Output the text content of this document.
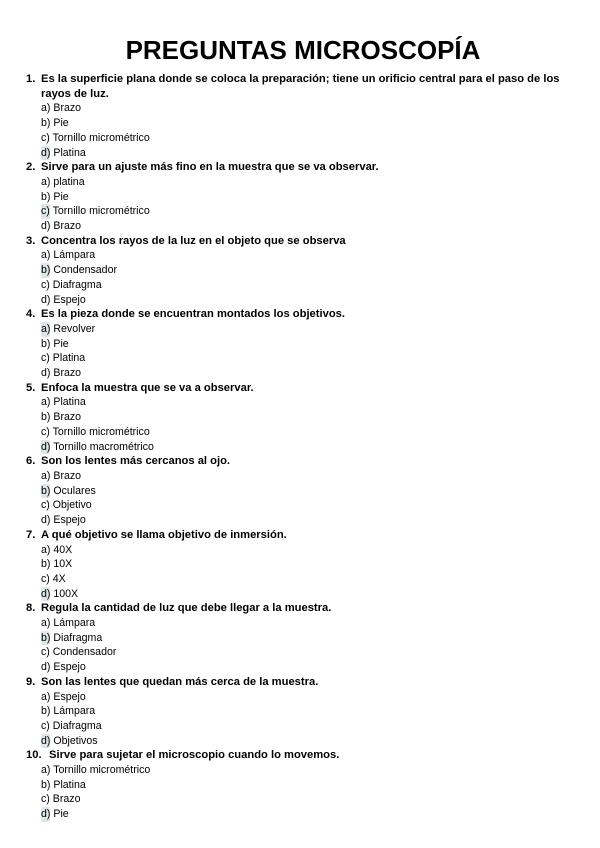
PREGUNTAS MICROSCOPÍA
1. Es la superficie plana donde se coloca la preparación; tiene un orificio central para el paso de los rayos de luz.
a) Brazo
b) Pie
c) Tornillo micrométrico
d) Platina
2. Sirve para un ajuste más fino en la muestra que se va observar.
a) platina
b) Pie
c) Tornillo micrométrico
d) Brazo
3. Concentra los rayos de la luz en el objeto que se observa
a) Lámpara
b) Condensador
c) Diafragma
d) Espejo
4. Es la pieza donde se encuentran montados los objetivos.
a) Revolver
b) Pie
c) Platina
d) Brazo
5. Enfoca la muestra que se va a observar.
a) Platina
b) Brazo
c) Tornillo micrométrico
d) Tornillo macrométrico
6. Son los lentes más cercanos al ojo.
a) Brazo
b) Oculares
c) Objetivo
d) Espejo
7. A qué objetivo se llama objetivo de inmersión.
a) 40X
b) 10X
c) 4X
d) 100X
8. Regula la cantidad de luz que debe llegar a la muestra.
a) Lámpara
b) Diafragma
c) Condensador
d) Espejo
9. Son las lentes que quedan más cerca de la muestra.
a) Espejo
b) Lámpara
c) Diafragma
d) Objetivos
10. Sirve para sujetar el microscopio cuando lo movemos.
a) Tornillo micrométrico
b) Platina
c) Brazo
d) Pie
